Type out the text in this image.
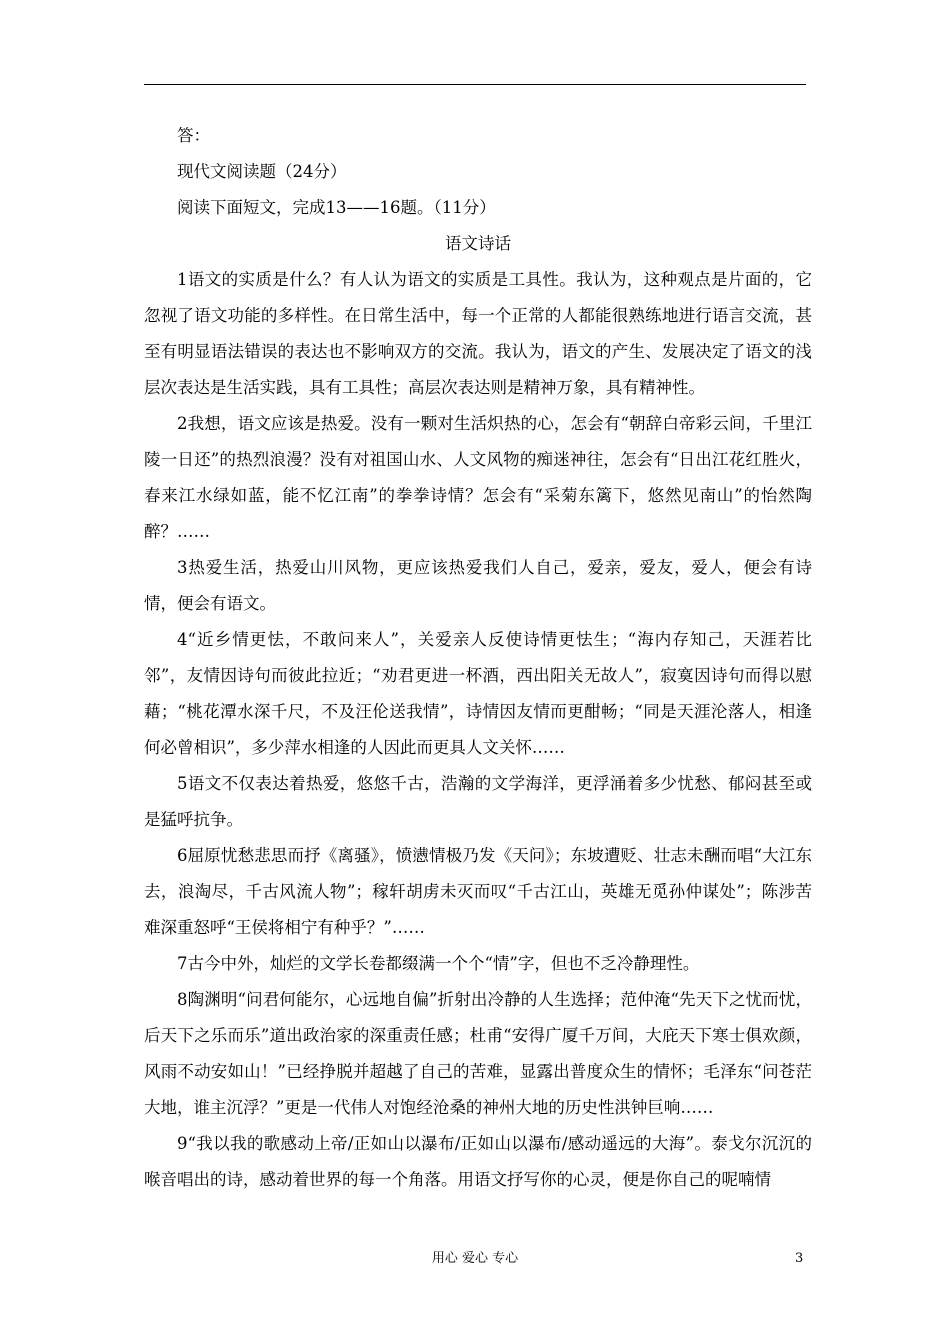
答：

现代文阅读题（24分）

阅读下面短文，完成13——16题。（11分）

语文诗话

1语文的实质是什么？有人认为语文的实质是工具性。我认为，这种观点是片面的，它忽视了语文功能的多样性。在日常生活中，每一个正常的人都能很熟练地进行语言交流，甚至有明显语法错误的表达也不影响双方的交流。我认为，语文的产生、发展决定了语文的浅层次表达是生活实践，具有工具性；高层次表达则是精神万象，具有精神性。

2我想，语文应该是热爱。没有一颗对生活炽热的心，怎会有“朝辞白帝彩云间，千里江陵一日还”的热烈浪漫？没有对祖国山水、人文风物的痴迷神往，怎会有“日出江花红胜火，春来江水绿如蓝，能不忆江南”的拳拳诗情？怎会有“采菊东篱下，悠然见南山”的怡然陶醉？……

3热爱生活，热爱山川风物，更应该热爱我们人自己，爱亲，爱友，爱人，便会有诗情，便会有语文。

4“近乡情更怯，不敢问来人”，关爱亲人反使诗情更怯生；“海内存知己，天涯若比邻”，友情因诗句而彼此拉近；“劝君更进一杯酒，西出阳关无故人”，寂寞因诗句而得以慰藉；“桃花潭水深千尺，不及汪伦送我情”，诗情因友情而更酣畅；“同是天涯沦落人，相逢何必曾相识”，多少萍水相逢的人因此而更具人文关怀……

5语文不仅表达着热爱，悠悠千古，浩瀚的文学海洋，更浮涌着多少忧愁、郁闷甚至或是猛呼抗争。

6屈原忧愁悲思而抒《离骚》，愤懑情极乃发《天问》；东坡遭贬、壮志未酬而唱“大江东去，浪淘尽，千古风流人物”；稼轩胡虏未灭而叹“千古江山，英雄无觅孙仲谋处”；陈涉苦难深重怒呼“王侯将相宁有种乎？”……

7古今中外，灿烂的文学长卷都缀满一个个“情”字，但也不乏冷静理性。

8陶渊明“问君何能尔，心远地自偏”折射出冷静的人生选择；范仲淹“先天下之忧而忧，后天下之乐而乐”道出政治家的深重责任感；杜甫“安得广厦千万间，大庇天下寒士俱欢颜，风雨不动安如山！”已经挣脱并超越了自己的苦难，显露出普度众生的情怀；毛泽东“问苍茫大地，谁主沉浮？”更是一代伟人对饱经沧桑的神州大地的历史性洪钟巨响……

9“我以我的歌感动上帝/正如山以瀑布/正如山以瀑布/感动遥远的大海”。泰戈尔沉沉的喉音唱出的诗，感动着世界的每一个角落。用语文抒写你的心灵，便是你自己的呢喃情

用心 爱心 专心	3
